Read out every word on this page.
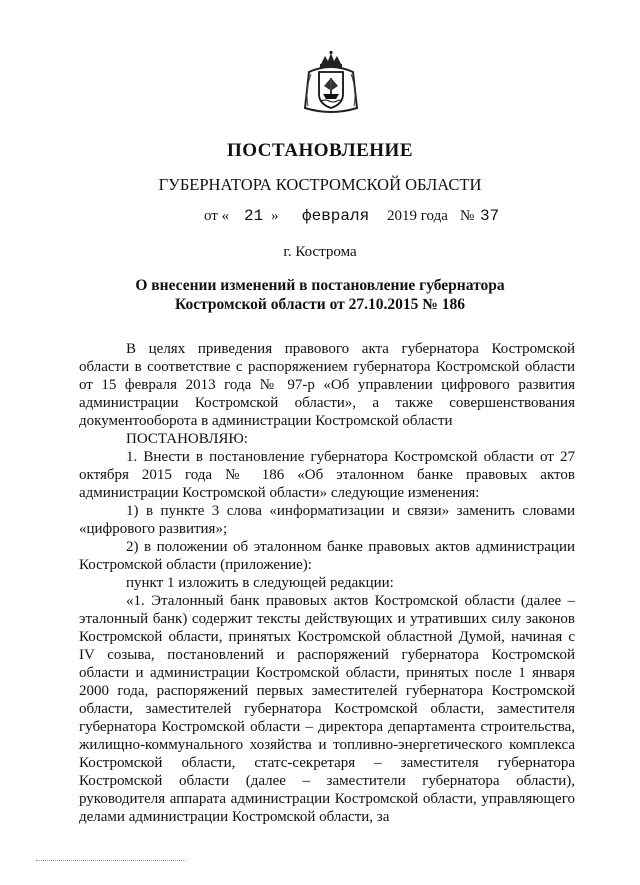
ПОСТАНОВЛЕНИЕ
ГУБЕРНАТОРА КОСТРОМСКОЙ ОБЛАСТИ
от « 21 » февраля 2019 года № 37
г. Кострома
О внесении изменений в постановление губернатора
Костромской области от 27.10.2015 № 186

В целях приведения правового акта губернатора Костромской области в соответствие с распоряжением губернатора Костромской области от 15 февраля 2013 года № 97-р «Об управлении цифрового развития администрации Костромской области», а также совершенствования документооборота в администрации Костромской области

ПОСТАНОВЛЯЮ:

1. Внести в постановление губернатора Костромской области от 27 октября 2015 года № 186 «Об эталонном банке правовых актов администрации Костромской области» следующие изменения:

1) в пункте 3 слова «информатизации и связи» заменить словами «цифрового развития»;

2) в положении об эталонном банке правовых актов администрации Костромской области (приложение):

пункт 1 изложить в следующей редакции:

«1. Эталонный банк правовых актов Костромской области (далее – эталонный банк) содержит тексты действующих и утративших силу законов Костромской области, принятых Костромской областной Думой, начиная с IV созыва, постановлений и распоряжений губернатора Костромской области и администрации Костромской области, принятых после 1 января 2000 года, распоряжений первых заместителей губернатора Костромской области, заместителей губернатора Костромской области, заместителя губернатора Костромской области – директора департамента строительства, жилищно-коммунального хозяйства и топливно-энергетического комплекса Костромской области, статс-секретаря – заместителя губернатора Костромской области (далее – заместители губернатора области), руководителя аппарата администрации Костромской области, управляющего делами администрации Костромской области, за
